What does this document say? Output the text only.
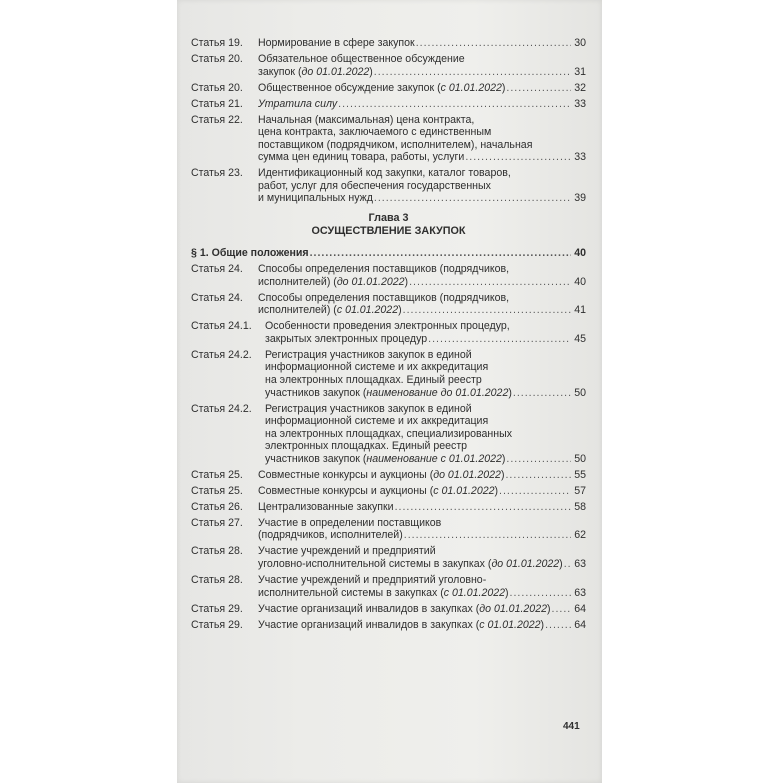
Статья 19.	Нормирование в сфере закупок .....	30
Статья 20.	Обязательное общественное обсуждение
закупок (до 01.01.2022) .....	31
Статья 20.	Общественное обсуждение закупок (с 01.01.2022) .....	32
Статья 21.	Утратила силу .....	33
Статья 22.	Начальная (максимальная) цена контракта,
цена контракта, заключаемого с единственным
поставщиком (подрядчиком, исполнителем), начальная
сумма цен единиц товара, работы, услуги .....	33
Статья 23.	Идентификационный код закупки, каталог товаров,
работ, услуг для обеспечения государственных
и муниципальных нужд .....	39
Глава 3
ОСУЩЕСТВЛЕНИЕ ЗАКУПОК
§ 1. Общие положения .....	40
Статья 24.	Способы определения поставщиков (подрядчиков,
исполнителей) (до 01.01.2022) .....	40
Статья 24.	Способы определения поставщиков (подрядчиков,
исполнителей) (с 01.01.2022) .....	41
Статья 24.1.	Особенности проведения электронных процедур,
закрытых электронных процедур .....	45
Статья 24.2.	Регистрация участников закупок в единой
информационной системе и их аккредитация
на электронных площадках. Единый реестр
участников закупок (наименование до 01.01.2022) .....	50
Статья 24.2.	Регистрация участников закупок в единой
информационной системе и их аккредитация
на электронных площадках, специализированных
электронных площадках. Единый реестр
участников закупок (наименование с 01.01.2022) .....	50
Статья 25.	Совместные конкурсы и аукционы (до 01.01.2022) .....	55
Статья 25.	Совместные конкурсы и аукционы (с 01.01.2022) .....	57
Статья 26.	Централизованные закупки .....	58
Статья 27.	Участие в определении поставщиков
(подрядчиков, исполнителей) .....	62
Статья 28.	Участие учреждений и предприятий
уголовно-исполнительной системы в закупках (до 01.01.2022) ..... 63
Статья 28.	Участие учреждений и предприятий уголовно-
исполнительной системы в закупках (с 01.01.2022) .....	63
Статья 29.	Участие организаций инвалидов в закупках (до 01.01.2022) ..... 64
Статья 29.	Участие организаций инвалидов в закупках (с 01.01.2022) .....	64
441
